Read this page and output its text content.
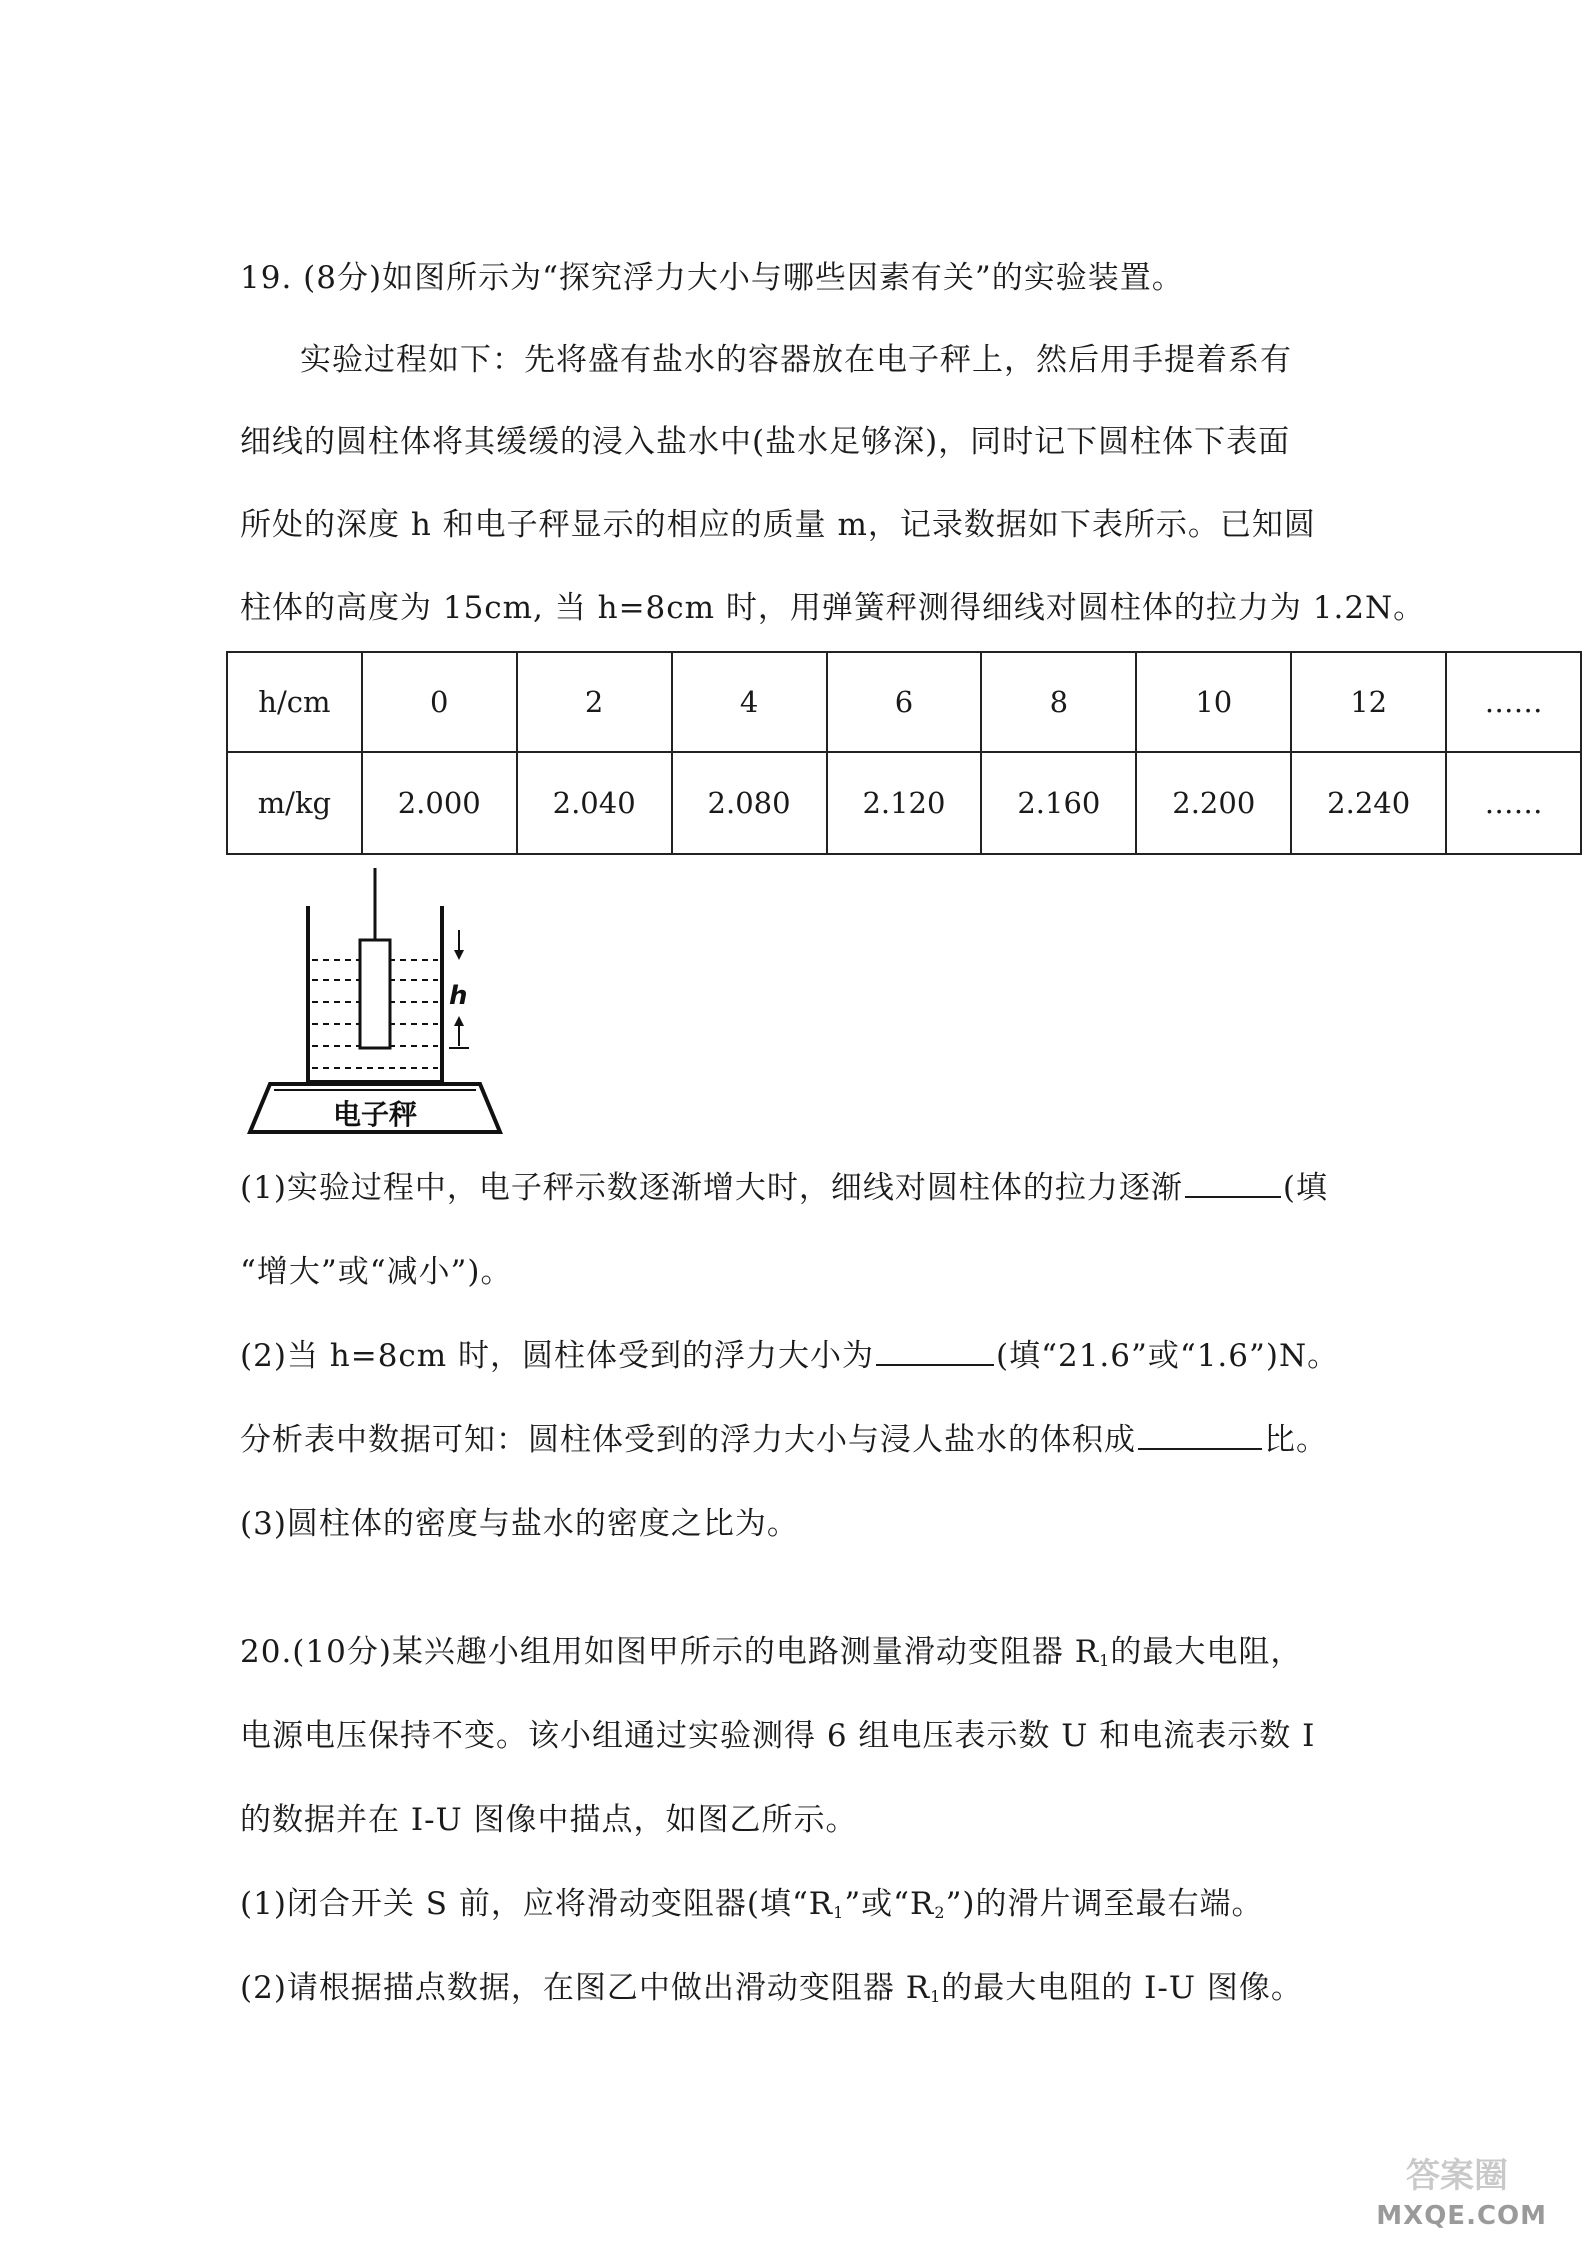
19. (8分)如图所示为“探究浮力大小与哪些因素有关”的实验装置。
实验过程如下：先将盛有盐水的容器放在电子秤上，然后用手提着系有
细线的圆柱体将其缓缓的浸入盐水中(盐水足够深)，同时记下圆柱体下表面
所处的深度 h 和电子秤显示的相应的质量 m，记录数据如下表所示。已知圆
柱体的高度为 15cm, 当 h=8cm 时，用弹簧秤测得细线对圆柱体的拉力为 1.2N。
h/cm	0	2	4	6	8	10	12	……
m/kg	2.000	2.040	2.080	2.120	2.160	2.200	2.240	……
h
电子秤
(1)实验过程中，电子秤示数逐渐增大时，细线对圆柱体的拉力逐渐	(填
“增大”或“减小”)。
(2)当 h=8cm 时，圆柱体受到的浮力大小为	(填“21.6”或“1.6”)N。
分析表中数据可知：圆柱体受到的浮力大小与浸人盐水的体积成	比。
(3)圆柱体的密度与盐水的密度之比为。
20.(10分)某兴趣小组用如图甲所示的电路测量滑动变阻器 $R_1$的最大电阻，
电源电压保持不变。该小组通过实验测得 6 组电压表示数 U 和电流表示数 I
的数据并在 I-U 图像中描点，如图乙所示。
(1)闭合开关 S 前，应将滑动变阻器(填“$R_1$”或“$R_2$”)的滑片调至最右端。
(2)请根据描点数据，在图乙中做出滑动变阻器 $R_1$的最大电阻的 I-U 图像。
答案圈
MXQE.COM
